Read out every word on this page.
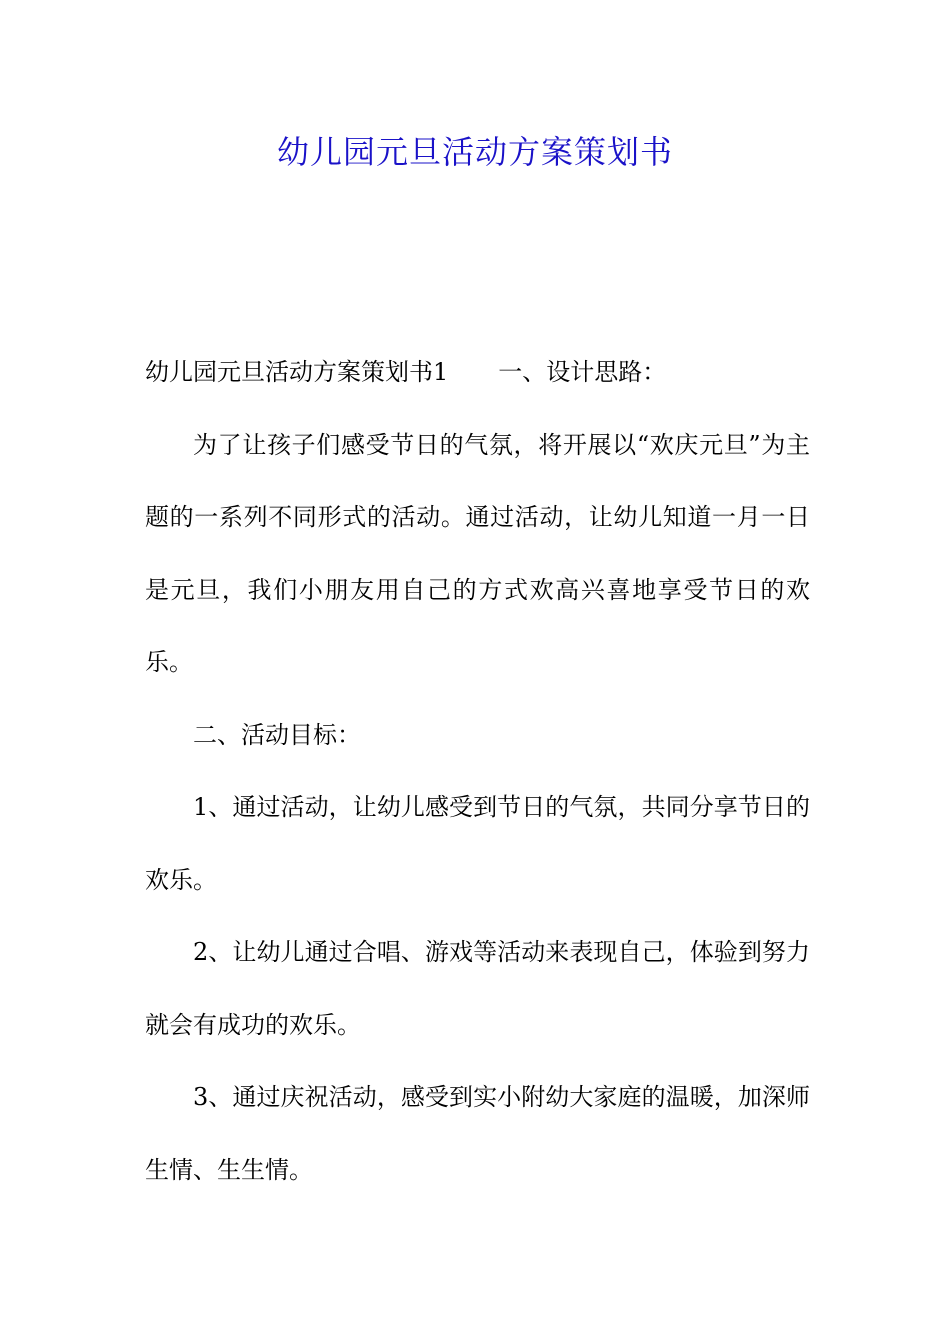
幼儿园元旦活动方案策划书

幼儿园元旦活动方案策划书1 一、设计思路：

为了让孩子们感受节日的气氛，将开展以“欢庆元旦”为主题的一系列不同形式的活动。通过活动，让幼儿知道一月一日是元旦，我们小朋友用自己的方式欢高兴喜地享受节日的欢乐。

二、活动目标：

1、通过活动，让幼儿感受到节日的气氛，共同分享节日的欢乐。

2、让幼儿通过合唱、游戏等活动来表现自己，体验到努力就会有成功的欢乐。

3、通过庆祝活动，感受到实小附幼大家庭的温暖，加深师生情、生生情。
